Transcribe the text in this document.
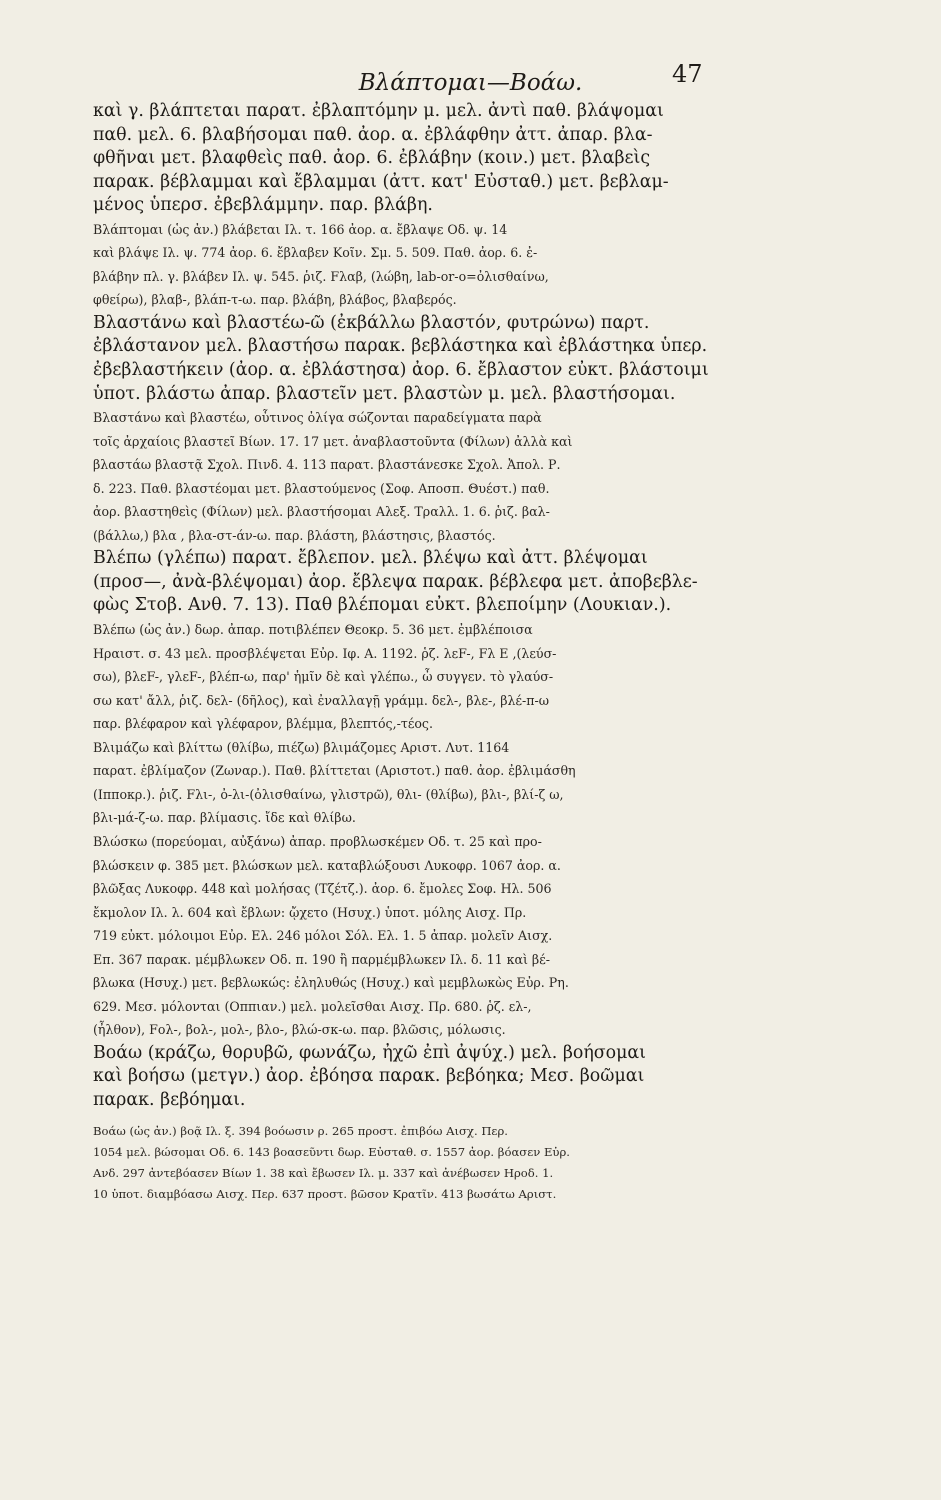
Βλάπτομαι—Βοάω.	47
καὶ γ. βλάπτεται παρατ. ἐβλαπτόμην μ. μελ. ἀντὶ παθ. βλάψομαι
παθ. μελ. 6. βλαβήσομαι παθ. ἀορ. α. ἐβλάφθην ἀττ. ἀπαρ. βλα-
φθῆναι μετ. βλαφθεὶς παθ. ἀορ. 6. ἐβλάβην (κοιν.) μετ. βλαβεὶς
παρακ. βέβλαμμαι καὶ ἔβλαμμαι (ἀττ. κατ' Εὐσταθ.) μετ. βεβλαμ-
μένος ὑπερσ. ἐβεβλάμμην. παρ. βλάβη.
Βλάπτομαι (ὡς ἀν.) βλάβεται Ιλ. τ. 166 ἀορ. α. ἔβλαψε Οδ. ψ. 14
καὶ βλάψε Ιλ. ψ. 774 ἀορ. 6. ἔβλαβεν Κοῖν. Σμ. 5. 509. Παθ. ἀορ. 6. ἐ-
βλάβην πλ. γ. βλάβεν Ιλ. ψ. 545. ῥιζ. Fλαβ, (λώβη, lab-or-o=ὀλισθαίνω,
φθείρω), βλαβ-, βλάπ-τ-ω. παρ. βλάβη, βλάβος, βλαβερός.
Βλαστάνω καὶ βλαστέω-ῶ (ἐκβάλλω βλαστόν, φυτρώνω) παρτ.
ἐβλάστανον μελ. βλαστήσω παρακ. βεβλάστηκα καὶ ἐβλάστηκα ὑπερ.
ἐβεβλαστήκειν (ἀορ. α. ἐβλάστησα) ἀορ. 6. ἔβλαστον εὐκτ. βλάστοιμι
ὑποτ. βλάστω ἀπαρ. βλαστεῖν μετ. βλαστὼν μ. μελ. βλαστήσομαι.
Βλαστάνω καὶ βλαστέω, οὗτινος ὀλίγα σώζονται παραδείγματα παρὰ
τοῖς ἀρχαίοις βλαστεῖ Βίων. 17. 17 μετ. ἀναβλαστοῦντα (Φίλων) ἀλλὰ καὶ
βλαστάω βλαστᾷ Σχολ. Πινδ. 4. 113 παρατ. βλαστάνεσκε Σχολ. Ἀπολ. Ρ.
δ. 223. Παθ. βλαστέομαι μετ. βλαστούμενος (Σοφ. Αποσπ. Θυέστ.) παθ.
ἀορ. βλαστηθεὶς (Φίλων) μελ. βλαστήσομαι Αλεξ. Τραλλ. 1. 6. ῥιζ. βαλ-
(βάλλω,) βλα , βλα-στ-άν-ω. παρ. βλάστη, βλάστησις, βλαστός.
Βλέπω (γλέπω) παρατ. ἔβλεπον. μελ. βλέψω καὶ ἀττ. βλέψομαι
(προσ—, ἀνὰ-βλέψομαι) ἀορ. ἔβλεψα παρακ. βέβλεφα μετ. ἀποβεβλε-
φὼς Στοβ. Ανθ. 7. 13). Παθ βλέπομαι εὐκτ. βλεποίμην (Λουκιαν.).
Βλέπω (ὡς ἀν.) δωρ. ἀπαρ. ποτιβλέπεν Θεοκρ. 5. 36 μετ. ἐμβλέποισα
Ηραιστ. σ. 43 μελ. προσβλέψεται Εὐρ. Ιφ. Α. 1192. ῥζ. λεF-, Fλ E ,(λεύσ-
σω), βλεF-, γλεF-, βλέπ-ω, παρ' ἡμῖν δὲ καὶ γλέπω., ὦ συγγεν. τὸ γλαύσ-
σω κατ' ἄλλ, ῥιζ. δελ- (δῆλος), καὶ ἐναλλαγῇ γράμμ. δελ-, βλε-, βλέ-π-ω
παρ. βλέφαρον καὶ γλέφαρον, βλέμμα, βλεπτός,-τέος.
Βλιμάζω καὶ βλίττω (θλίβω, πιέζω) βλιμάζομες Αριστ. Λυτ. 1164
παρατ. ἐβλίμαζον (Ζωναρ.). Παθ. βλίττεται (Αριστοτ.) παθ. ἀορ. ἐβλιμάσθη
(Ιπποκρ.). ῥιζ. Fλι-, ὀ-λι-(ὀλισθαίνω, γλιστρῶ), θλι- (θλίβω), βλι-, βλί-ζ ω,
βλι-μά-ζ-ω. παρ. βλίμασις. ἴδε καὶ θλίβω.
Βλώσκω (πορεύομαι, αὐξάνω) ἀπαρ. προβλωσκέμεν Οδ. τ. 25 καὶ προ-
βλώσκειν φ. 385 μετ. βλώσκων μελ. καταβλώξουσι Λυκοφρ. 1067 ἀορ. α.
βλῶξας Λυκοφρ. 448 καὶ μολήσας (Τζέτζ.). ἀορ. 6. ἔμολες Σοφ. Ηλ. 506
ἔκμολον Ιλ. λ. 604 καὶ ἔβλων: ᾤχετο (Ησυχ.) ὑποτ. μόλης Αισχ. Πρ.
719 εὐκτ. μόλοιμοι Εὐρ. Ελ. 246 μόλοι Σόλ. Ελ. 1. 5 ἀπαρ. μολεῖν Αισχ.
Επ. 367 παρακ. μέμβλωκεν Οδ. π. 190 ἢ παρμέμβλωκεν Ιλ. δ. 11 καὶ βέ-
βλωκα (Ησυχ.) μετ. βεβλωκώς: ἐληλυθώς (Ησυχ.) καὶ μεμβλωκὼς Εὐρ. Ρη.
629. Μεσ. μόλονται (Οππιαν.) μελ. μολεῖσθαι Αισχ. Πρ. 680. ῥζ. ελ-,
(ἦλθον), Fολ-, βολ-, μολ-, βλο-, βλώ-σκ-ω. παρ. βλῶσις, μόλωσις.
Βοάω (κράζω, θορυβῶ, φωνάζω, ἠχῶ ἐπὶ ἀψύχ.) μελ. βοήσομαι
καὶ βοήσω (μετγν.) ἀορ. ἐβόησα παρακ. βεβόηκα; Μεσ. βοῶμαι
παρακ. βεβόημαι.
Βοάω (ὡς ἀν.) βοᾷ Ιλ. ξ. 394 βοόωσιν ρ. 265 προστ. ἐπιβόω Αισχ. Περ.
1054 μελ. βώσομαι Οδ. 6. 143 βοασεῦντι δωρ. Εὐσταθ. σ. 1557 ἀορ. βόασεν Εὐρ.
Ανδ. 297 ἀντεβόασεν Βίων 1. 38 καὶ ἔβωσεν Ιλ. μ. 337 καὶ ἀνέβωσεν Ηροδ. 1.
10 ὑποτ. διαμβόασω Αισχ. Περ. 637 προστ. βῶσον Κρατῖν. 413 βωσάτω Αριστ.
